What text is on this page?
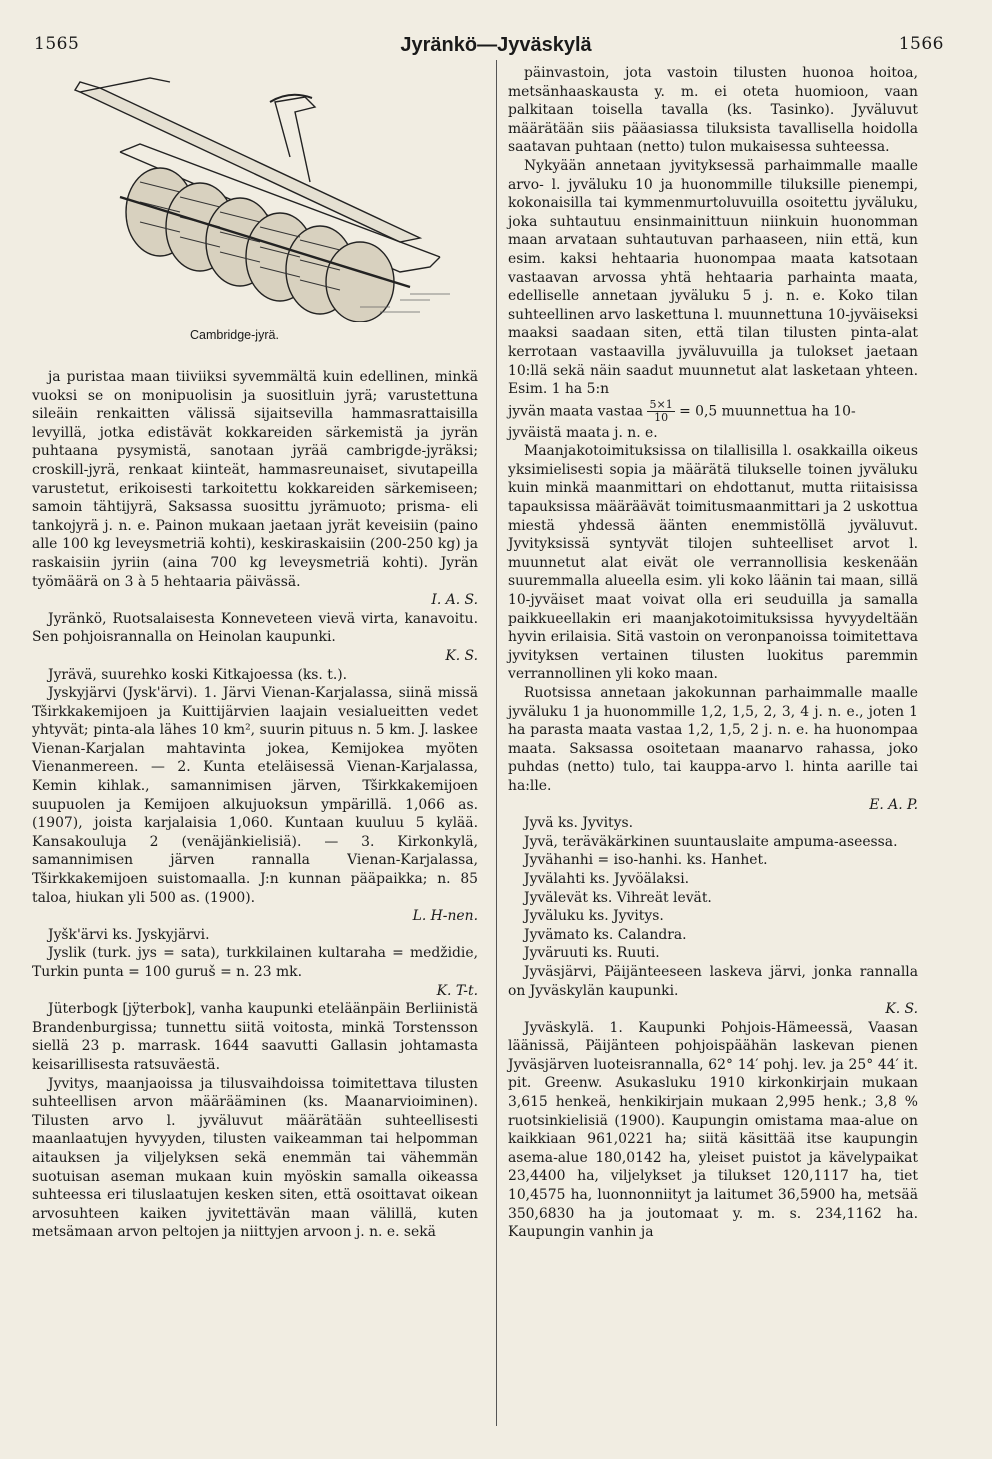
1565	Jyränkö—Jyväskylä	1566
Cambridge-jyrä.

ja puristaa maan tiiviiksi syvemmältä kuin edellinen, minkä vuoksi se on monipuolisin ja suositluin jyrä; varustettuna sileäin renkaitten välissä sijaitsevilla hammasrattaisilla levyillä, jotka edistävät kokkareiden särkemistä ja jyrän puhtaana pysymistä, sanotaan jyrää cambrigde-jyräksi; croskill-jyrä, renkaat kiinteät, hammasreunaiset, sivutapeilla varustetut, erikoisesti tarkoitettu kokkareiden särkemiseen; samoin tähtijyrä, Saksassa suosittu jyrämuoto; prisma- eli tankojyrä j. n. e. Painon mukaan jaetaan jyrät keveisiin (paino alle 100 kg leveysmetriä kohti), keskiraskaisiin (200-250 kg) ja raskaisiin jyriin (aina 700 kg leveysmetriä kohti). Jyrän työmäärä on 3 à 5 hehtaaria päivässä.

I. A. S.

Jyränkö, Ruotsalaisesta Konneveteen vievä virta, kanavoitu. Sen pohjoisrannalla on Heinolan kaupunki.

K. S.

Jyrävä, suurehko koski Kitkajoessa (ks. t.).

Jyskyjärvi (Jysk'ärvi). 1. Järvi Vienan-Karjalassa, siinä missä Tširkkakemijoen ja Kuittijärvien laajain vesialueitten vedet yhtyvät; pinta-ala lähes 10 km², suurin pituus n. 5 km. J. laskee Vienan-Karjalan mahtavinta jokea, Kemijokea myöten Vienanmereen. — 2. Kunta eteläisessä Vienan-Karjalassa, Kemin kihlak., samannimisen järven, Tširkkakemijoen suupuolen ja Kemijoen alkujuoksun ympärillä. 1,066 as. (1907), joista karjalaisia 1,060. Kuntaan kuuluu 5 kylää. Kansakouluja 2 (venäjänkielisiä). — 3. Kirkonkylä, samannimisen järven rannalla Vienan-Karjalassa, Tširkkakemijoen suistomaalla. J:n kunnan pääpaikka; n. 85 taloa, hiukan yli 500 as. (1900).

L. H-nen.

Jyšk'ärvi ks. Jyskyjärvi.

Jyslik (turk. jys = sata), turkkilainen kultaraha = medžidie, Turkin punta = 100 guruš = n. 23 mk.

K. T-t.

Jüterbogk [jÿterbok], vanha kaupunki eteläänpäin Berliinistä Brandenburgissa; tunnettu siitä voitosta, minkä Torstensson siellä 23 p. marrask. 1644 saavutti Gallasin johtamasta keisarillisesta ratsuväestä.

Jyvitys, maanjaoissa ja tilusvaihdoissa toimitettava tilusten suhteellisen arvon määrääminen (ks. Maanarvioiminen). Tilusten arvo l. jyväluvut määrätään suhteellisesti maanlaatujen hyvyyden, tilusten vaikeamman tai helpomman aitauksen ja viljelyksen sekä enemmän tai vähemmän suotuisan aseman mukaan kuin myöskin samalla oikeassa suhteessa eri tiluslaatujen kesken siten, että osoittavat oikean arvosuhteen kaiken jyvitettävän maan välillä, kuten metsämaan arvon peltojen ja niittyjen arvoon j. n. e. sekä

päinvastoin, jota vastoin tilusten huonoa hoitoa, metsänhaaskausta y. m. ei oteta huomioon, vaan palkitaan toisella tavalla (ks. Tasinko). Jyväluvut määrätään siis pääasiassa tiluksista tavallisella hoidolla saatavan puhtaan (netto) tulon mukaisessa suhteessa.

Nykyään annetaan jyvityksessä parhaimmalle maalle arvo- l. jyväluku 10 ja huonommille tiluksille pienempi, kokonaisilla tai kymmenmurtoluvuilla osoitettu jyväluku, joka suhtautuu ensinmainittuun niinkuin huonomman maan arvataan suhtautuvan parhaaseen, niin että, kun esim. kaksi hehtaaria huonompaa maata katsotaan vastaavan arvossa yhtä hehtaaria parhainta maata, edelliselle annetaan jyväluku 5 j. n. e. Koko tilan suhteellinen arvo laskettuna l. muunnettuna 10-jyväiseksi maaksi saadaan siten, että tilan tilusten pinta-alat kerrotaan vastaavilla jyväluvuilla ja tulokset jaetaan 10:llä sekä näin saadut muunnetut alat lasketaan yhteen. Esim. 1 ha 5:n

jyvän maata vastaa $\frac{5\times 1}{10} = 0,5$ muunnettua ha 10-
jyväistä maata j. n. e.

Maanjakotoimituksissa on tilallisilla l. osakkailla oikeus yksimielisesti sopia ja määrätä tilukselle toinen jyväluku kuin minkä maanmittari on ehdottanut, mutta riitaisissa tapauksissa määräävät toimitusmaanmittari ja 2 uskottua miestä yhdessä äänten enemmistöllä jyväluvut. Jyvityksissä syntyvät tilojen suhteelliset arvot l. muunnetut alat eivät ole verrannollisia keskenään suuremmalla alueella esim. yli koko läänin tai maan, sillä 10-jyväiset maat voivat olla eri seuduilla ja samalla paikkueellakin eri maanjakotoimituksissa hyvyydeltään hyvin erilaisia. Sitä vastoin on veronpanoissa toimitettava jyvityksen vertainen tilusten luokitus paremmin verrannollinen yli koko maan.

Ruotsissa annetaan jakokunnan parhaimmalle maalle jyväluku 1 ja huonommille 1,2, 1,5, 2, 3, 4 j. n. e., joten 1 ha parasta maata vastaa 1,2, 1,5, 2 j. n. e. ha huonompaa maata. Saksassa osoitetaan maanarvo rahassa, joko puhdas (netto) tulo, tai kauppa-arvo l. hinta aarille tai ha:lle.

E. A. P.

Jyvä ks. Jyvitys.

Jyvä, teräväkärkinen suuntauslaite ampuma-aseessa.

Jyvähanhi = iso-hanhi. ks. Hanhet.

Jyvälahti ks. Jyvöälaksi.

Jyvälevät ks. Vihreät levät.

Jyväluku ks. Jyvitys.

Jyvämato ks. Calandra.

Jyväruuti ks. Ruuti.

Jyväsjärvi, Päijänteeseen laskeva järvi, jonka rannalla on Jyväskylän kaupunki.

K. S.

Jyväskylä. 1. Kaupunki Pohjois-Hämeessä, Vaasan läänissä, Päijänteen pohjoispäähän laskevan pienen Jyväsjärven luoteisrannalla, 62° 14′ pohj. lev. ja 25° 44′ it. pit. Greenw. Asukasluku 1910 kirkonkirjain mukaan 3,615 henkeä, henkikirjain mukaan 2,995 henk.; 3,8 % ruotsinkielisiä (1900). Kaupungin omistama maa-alue on kaikkiaan 961,0221 ha; siitä käsittää itse kaupungin asema-alue 180,0142 ha, yleiset puistot ja kävelypaikat 23,4400 ha, viljelykset ja tilukset 120,1117 ha, tiet 10,4575 ha, luonnonniityt ja laitumet 36,5900 ha, metsää 350,6830 ha ja joutomaat y. m. s. 234,1162 ha. Kaupungin vanhin ja
